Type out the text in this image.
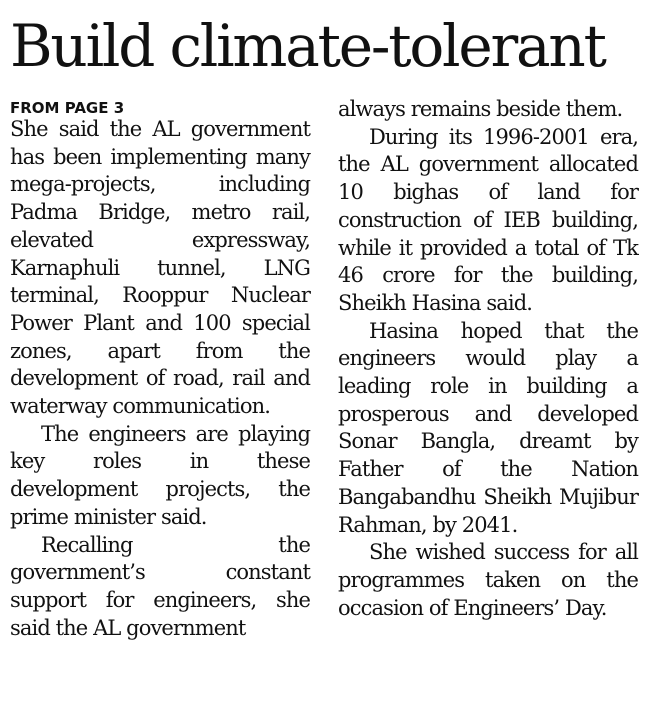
Build climate-tolerant
FROM PAGE 3

She said the AL government has been implementing many mega-projects, including Padma Bridge, metro rail, elevated expressway, Karnaphuli tunnel, LNG terminal, Rooppur Nuclear Power Plant and 100 special zones, apart from the development of road, rail and waterway communication.

The engineers are playing key roles in these development projects, the prime minister said.

Recalling the government’s constant support for engineers, she said the AL government

always remains beside them.

During its 1996-2001 era, the AL government allocated 10 bighas of land for construction of IEB building, while it provided a total of Tk 46 crore for the building, Sheikh Hasina said.

Hasina hoped that the engineers would play a leading role in building a prosperous and developed Sonar Bangla, dreamt by Father of the Nation Bangabandhu Sheikh Mujibur Rahman, by 2041.

She wished success for all programmes taken on the occasion of Engineers’ Day.
